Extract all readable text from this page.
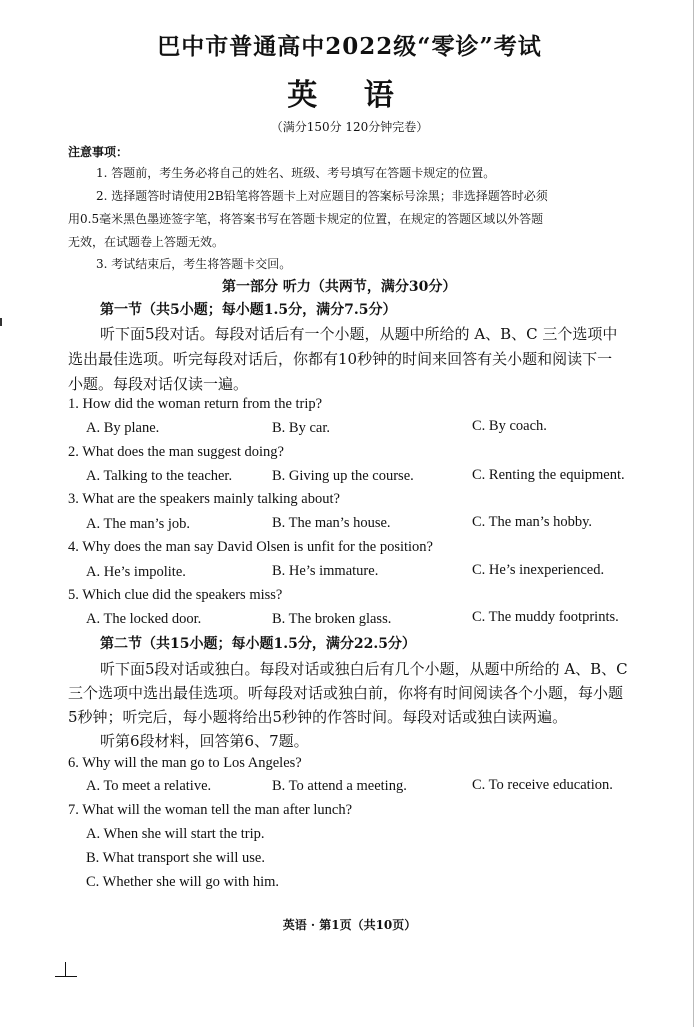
巴中市普通高中2022级“零诊”考试
英 语
（满分150分 120分钟完卷）
注意事项：
1. 答题前，考生务必将自己的姓名、班级、考号填写在答题卡规定的位置。
2. 选择题答时请使用2B铅笔将答题卡上对应题目的答案标号涂黑；非选择题答时必须
用0.5毫米黑色墨迹签字笔，将答案书写在答题卡规定的位置，在规定的答题区域以外答题
无效，在试题卷上答题无效。
3. 考试结束后，考生将答题卡交回。
第一部分 听力（共两节，满分30分）
第一节（共5小题；每小题1.5分，满分7.5分）
听下面5段对话。每段对话后有一个小题，从题中所给的 A、B、C 三个选项中
选出最佳选项。听完每段对话后，你都有10秒钟的时间来回答有关小题和阅读下一
小题。每段对话仅读一遍。
1. How did the woman return from the trip?
A. By plane.	B. By car.	C. By coach.
2. What does the man suggest doing?
A. Talking to the teacher.	B. Giving up the course.	C. Renting the equipment.
3. What are the speakers mainly talking about?
A. The man’s job.	B. The man’s house.	C. The man’s hobby.
4. Why does the man say David Olsen is unfit for the position?
A. He’s impolite.	B. He’s immature.	C. He’s inexperienced.
5. Which clue did the speakers miss?
A. The locked door.	B. The broken glass.	C. The muddy footprints.
第二节（共15小题；每小题1.5分，满分22.5分）
听下面5段对话或独白。每段对话或独白后有几个小题，从题中所给的 A、B、C
三个选项中选出最佳选项。听每段对话或独白前，你将有时间阅读各个小题，每小题
5秒钟；听完后，每小题将给出5秒钟的作答时间。每段对话或独白读两遍。
听第6段材料，回答第6、7题。
6. Why will the man go to Los Angeles?
A. To meet a relative.	B. To attend a meeting.	C. To receive education.
7. What will the woman tell the man after lunch?
A. When she will start the trip.
B. What transport she will use.
C. Whether she will go with him.
英语 · 第1页（共10页）
